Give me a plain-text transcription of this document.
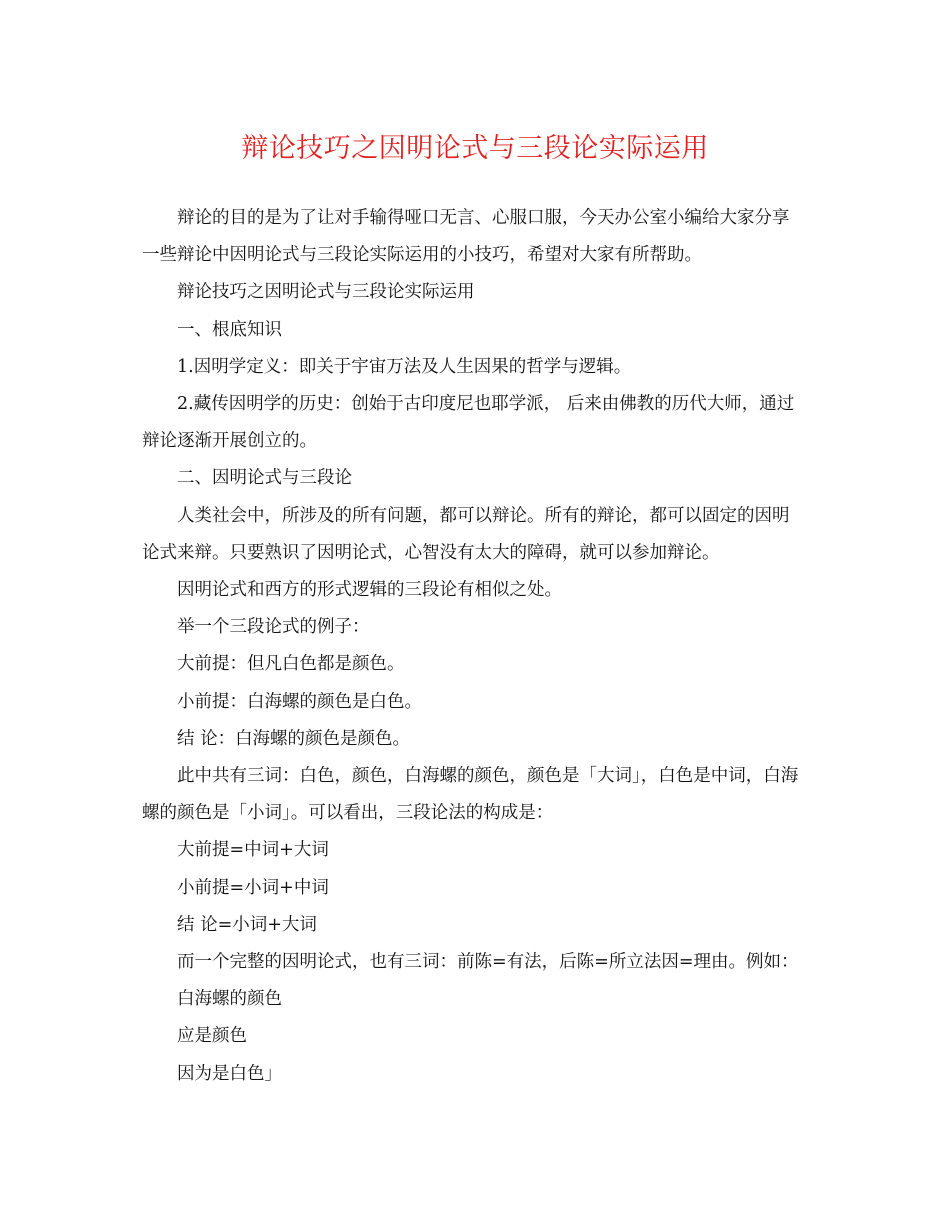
辩论技巧之因明论式与三段论实际运用

辩论的目的是为了让对手输得哑口无言、心服口服，今天办公室小编给大家分享一些辩论中因明论式与三段论实际运用的小技巧，希望对大家有所帮助。

辩论技巧之因明论式与三段论实际运用

一、根底知识

1.因明学定义：即关于宇宙万法及人生因果的哲学与逻辑。

2.藏传因明学的历史：创始于古印度尼也耶学派， 后来由佛教的历代大师，通过辩论逐渐开展创立的。

二、因明论式与三段论

人类社会中，所涉及的所有问题，都可以辩论。所有的辩论，都可以固定的因明论式来辩。只要熟识了因明论式，心智没有太大的障碍，就可以参加辩论。

因明论式和西方的形式逻辑的三段论有相似之处。

举一个三段论式的例子：

大前提：但凡白色都是颜色。

小前提：白海螺的颜色是白色。

结 论：白海螺的颜色是颜色。

此中共有三词：白色，颜色，白海螺的颜色，颜色是「大词」，白色是中词，白海螺的颜色是「小词」。可以看出，三段论法的构成是：

大前提=中词+大词

小前提=小词+中词

结 论=小词+大词

而一个完整的因明论式，也有三词：前陈=有法，后陈=所立法因=理由。例如：

白海螺的颜色

应是颜色

因为是白色」
